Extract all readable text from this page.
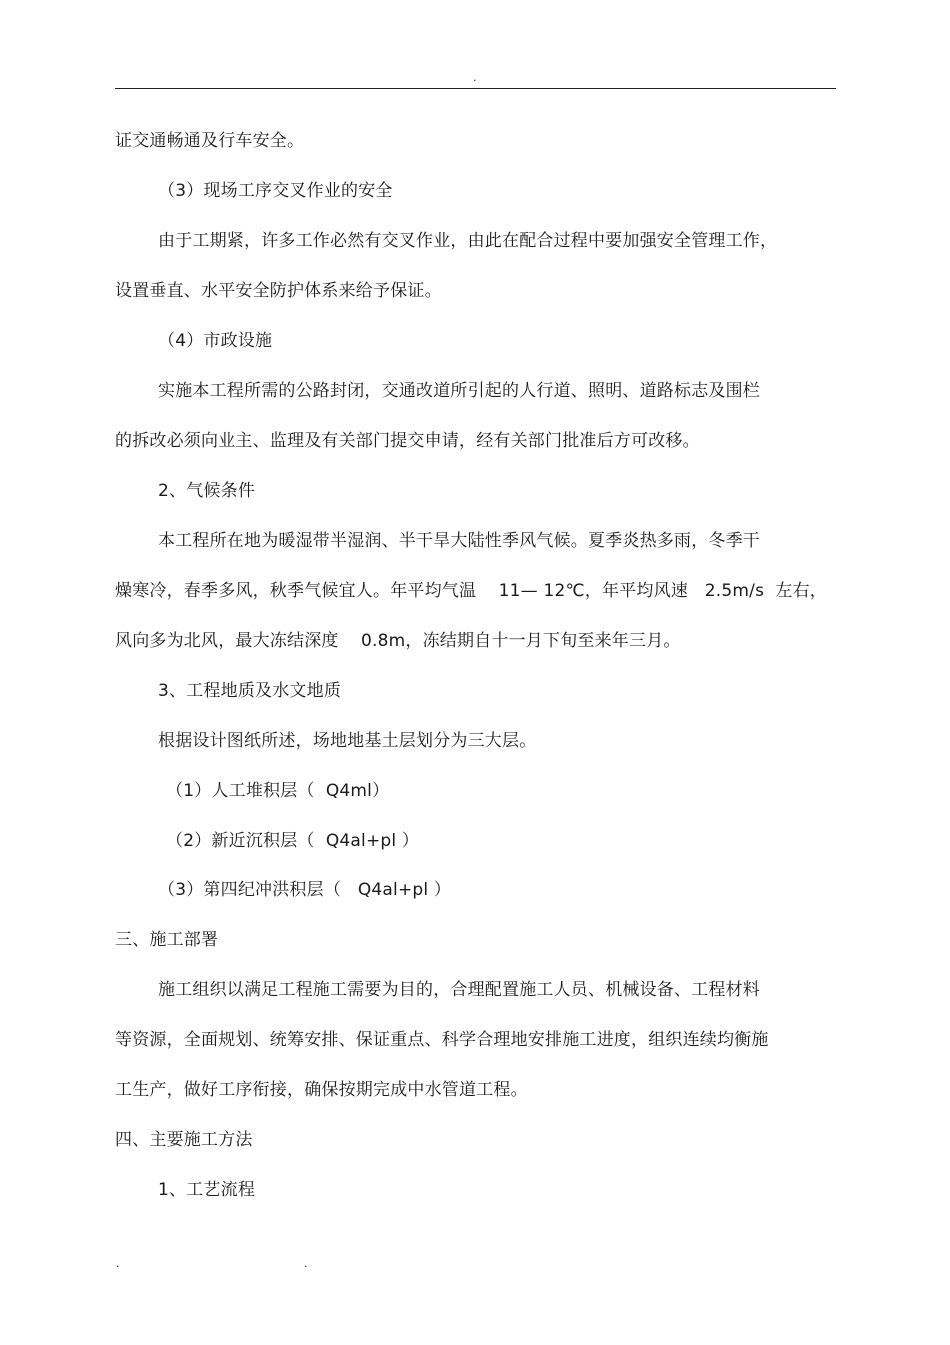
.
证交通畅通及行车安全。
（3）现场工序交叉作业的安全
由于工期紧，许多工作必然有交叉作业，由此在配合过程中要加强安全管理工作，
设置垂直、水平安全防护体系来给予保证。
（4）市政设施
实施本工程所需的公路封闭，交通改道所引起的人行道、照明、道路标志及围栏
的拆改必须向业主、监理及有关部门提交申请，经有关部门批准后方可改移。
2、气候条件
本工程所在地为暖湿带半湿润、半干旱大陆性季风气候。夏季炎热多雨，冬季干
燥寒冷，春季多风，秋季气候宜人。年平均气温    11— 12℃，年平均风速   2.5m/s  左右，
风向多为北风，最大冻结深度    0.8m，冻结期自十一月下旬至来年三月。
3、工程地质及水文地质
根据设计图纸所述，场地地基土层划分为三大层。
（1）人工堆积层（  Q4ml）
（2）新近沉积层（  Q4al+pl ）
（3）第四纪冲洪积层（   Q4al+pl ）
三、施工部署
施工组织以满足工程施工需要为目的，合理配置施工人员、机械设备、工程材料
等资源，全面规划、统筹安排、保证重点、科学合理地安排施工进度，组织连续均衡施
工生产，做好工序衔接，确保按期完成中水管道工程。
四、主要施工方法
1、工艺流程
.	.
